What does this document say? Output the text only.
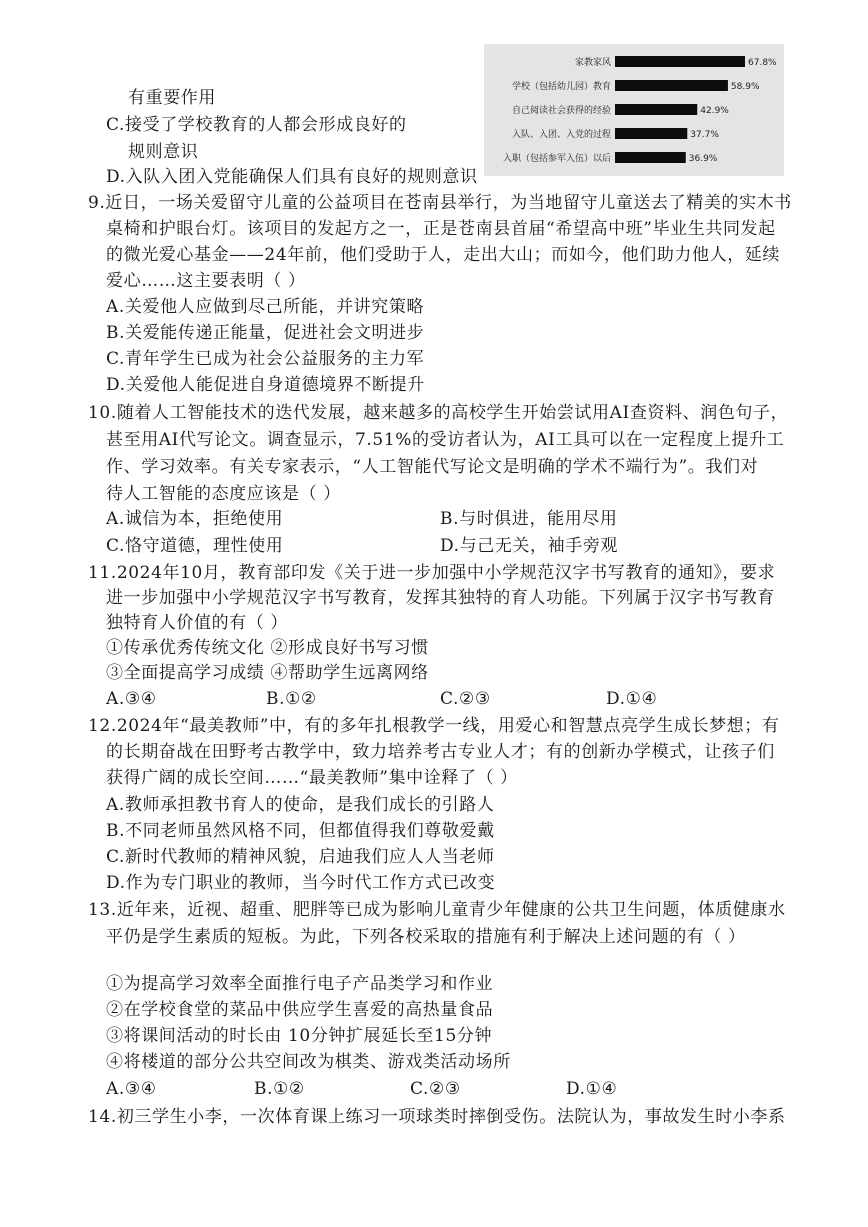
家教家风	67.8%
学校（包括幼儿园）教育	58.9%
自己阅读社会获得的经验	42.9%
入队、入团、入党的过程	37.7%
入职（包括参军入伍）以后	36.9%
有重要作用
C.接受了学校教育的人都会形成良好的
规则意识
D.入队入团入党能确保人们具有良好的规则意识
9.近日，一场关爱留守儿童的公益项目在苍南县举行，为当地留守儿童送去了精美的实木书
桌椅和护眼台灯。该项目的发起方之一，正是苍南县首届“希望高中班”毕业生共同发起
的微光爱心基金——24年前，他们受助于人，走出大山；而如今，他们助力他人，延续
爱心……这主要表明（ ）
A.关爱他人应做到尽己所能，并讲究策略
B.关爱能传递正能量，促进社会文明进步
C.青年学生已成为社会公益服务的主力军
D.关爱他人能促进自身道德境界不断提升
10.随着人工智能技术的迭代发展，越来越多的高校学生开始尝试用AI查资料、润色句子，
甚至用AI代写论文。调查显示，7.51%的受访者认为，AI工具可以在一定程度上提升工
作、学习效率。有关专家表示，“人工智能代写论文是明确的学术不端行为”。我们对
待人工智能的态度应该是（ ）
A.诚信为本，拒绝使用	B.与时俱进，能用尽用
C.恪守道德，理性使用	D.与己无关，袖手旁观
11.2024年10月，教育部印发《关于进一步加强中小学规范汉字书写教育的通知》，要求
进一步加强中小学规范汉字书写教育，发挥其独特的育人功能。下列属于汉字书写教育
独特育人价值的有（ ）
①传承优秀传统文化 ②形成良好书写习惯
③全面提高学习成绩 ④帮助学生远离网络
A.③④	B.①②	C.②③	D.①④
12.2024年“最美教师”中，有的多年扎根教学一线，用爱心和智慧点亮学生成长梦想；有
的长期奋战在田野考古教学中，致力培养考古专业人才；有的创新办学模式，让孩子们
获得广阔的成长空间……“最美教师”集中诠释了（ ）
A.教师承担教书育人的使命，是我们成长的引路人
B.不同老师虽然风格不同，但都值得我们尊敬爱戴
C.新时代教师的精神风貌，启迪我们应人人当老师
D.作为专门职业的教师，当今时代工作方式已改变
13.近年来，近视、超重、肥胖等已成为影响儿童青少年健康的公共卫生问题，体质健康水
平仍是学生素质的短板。为此，下列各校采取的措施有利于解决上述问题的有（ ）
①为提高学习效率全面推行电子产品类学习和作业
②在学校食堂的菜品中供应学生喜爱的高热量食品
③将课间活动的时长由 10分钟扩展延长至15分钟
④将楼道的部分公共空间改为棋类、游戏类活动场所
A.③④	B.①②	C.②③	D.①④
14.初三学生小李，一次体育课上练习一项球类时摔倒受伤。法院认为，事故发生时小李系
